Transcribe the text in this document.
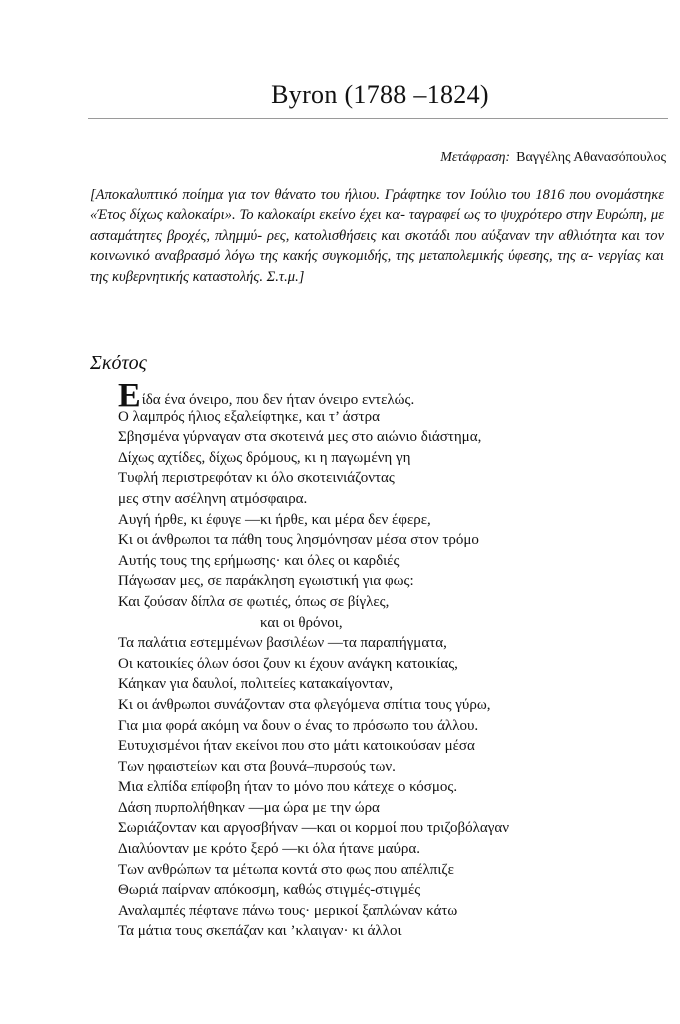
Byron (1788 –1824)
Μετάφραση: Βαγγέλης Αθανασόπουλος

[Αποκαλυπτικό ποίημα για τον θάνατο του ήλιου. Γράφτηκε τον Ιούλιο του 1816 που ονομάστηκε «Έτος δίχως καλοκαίρι». Το καλοκαίρι εκείνο έχει κα- ταγραφεί ως το ψυχρότερο στην Ευρώπη, με ασταμάτητες βροχές, πλημμύ- ρες, κατολισθήσεις και σκοτάδι που αύξαναν την αθλιότητα και τον κοινωνικό αναβρασμό λόγω της κακής συγκομιδής, της μεταπολεμικής ύφεσης, της α- νεργίας και της κυβερνητικής καταστολής. Σ.τ.μ.]

Σκότος
Είδα ένα όνειρο, που δεν ήταν όνειρο εντελώς.
Ο λαμπρός ήλιος εξαλείφτηκε, και τ’ άστρα
Σβησμένα γύρναγαν στα σκοτεινά μες στο αιώνιο διάστημα,
Δίχως αχτίδες, δίχως δρόμους, κι η παγωμένη γη
Τυφλή περιστρεφόταν κι όλο σκοτεινιάζοντας
μες στην ασέληνη ατμόσφαιρα.
Αυγή ήρθε, κι έφυγε —κι ήρθε, και μέρα δεν έφερε,
Κι οι άνθρωποι τα πάθη τους λησμόνησαν μέσα στον τρόμο
Αυτής τους της ερήμωσης· και όλες οι καρδιές
Πάγωσαν μες, σε παράκληση εγωιστική για φως:
Και ζούσαν δίπλα σε φωτιές, όπως σε βίγλες,
και οι θρόνοι,
Τα παλάτια εστεμμένων βασιλέων —τα παραπήγματα,
Οι κατοικίες όλων όσοι ζουν κι έχουν ανάγκη κατοικίας,
Κάηκαν για δαυλοί, πολιτείες κατακαίγονταν,
Κι οι άνθρωποι συνάζονταν στα φλεγόμενα σπίτια τους γύρω,
Για μια φορά ακόμη να δουν ο ένας το πρόσωπο του άλλου.
Ευτυχισμένοι ήταν εκείνοι που στο μάτι κατοικούσαν μέσα
Των ηφαιστείων και στα βουνά–πυρσούς των.
Μια ελπίδα επίφοβη ήταν το μόνο που κάτεχε ο κόσμος.
Δάση πυρπολήθηκαν —μα ώρα με την ώρα
Σωριάζονταν και αργοσβήναν —και οι κορμοί που τριζοβόλαγαν
Διαλύονταν με κρότο ξερό —κι όλα ήτανε μαύρα.
Των ανθρώπων τα μέτωπα κοντά στο φως που απέλπιζε
Θωριά παίρναν απόκοσμη, καθώς στιγμές-στιγμές
Αναλαμπές πέφτανε πάνω τους· μερικοί ξαπλώναν κάτω
Τα μάτια τους σκεπάζαν και ’κλαιγαν· κι άλλοι
